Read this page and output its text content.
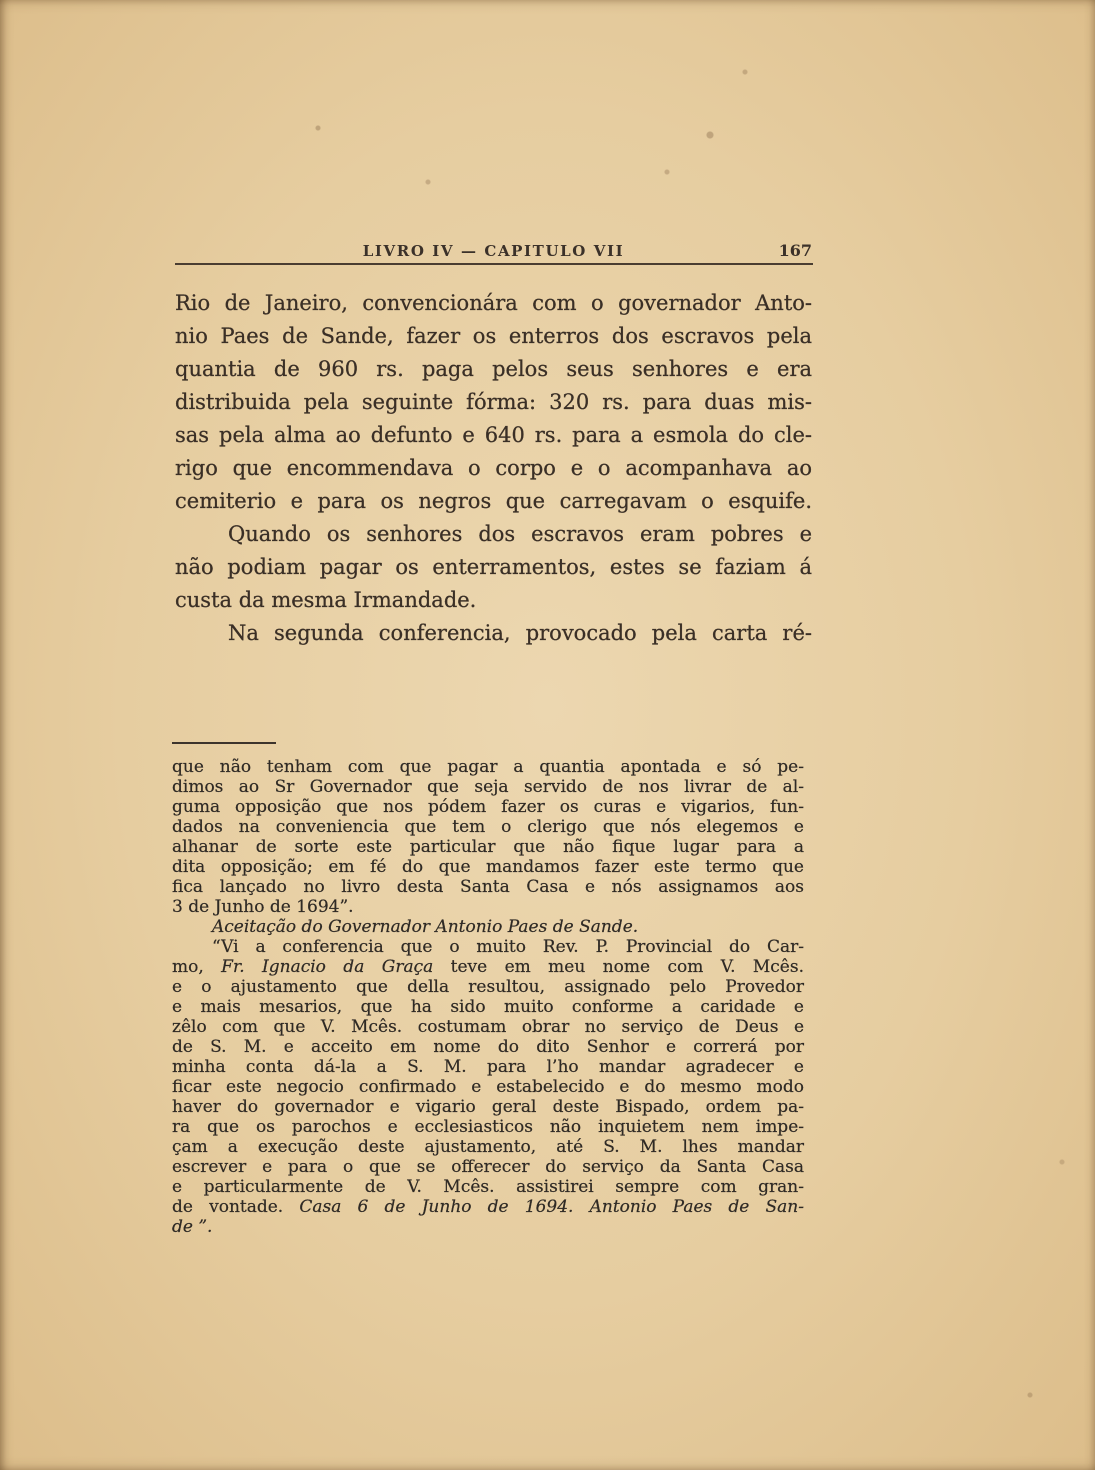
LIVRO IV — CAPITULO VII	167
Rio de Janeiro, convencionára com o governador Anto-
nio Paes de Sande, fazer os enterros dos escravos pela
quantia de 960 rs. paga pelos seus senhores e era
distribuida pela seguinte fórma: 320 rs. para duas mis-
sas pela alma ao defunto e 640 rs. para a esmola do cle-
rigo que encommendava o corpo e o acompanhava ao
cemiterio e para os negros que carregavam o esquife.
Quando os senhores dos escravos eram pobres e
não podiam pagar os enterramentos, estes se faziam á
custa da mesma Irmandade.
Na segunda conferencia, provocado pela carta ré-
que não tenham com que pagar a quantia apontada e só pe-
dimos ao Sr Governador que seja servido de nos livrar de al-
guma opposição que nos pódem fazer os curas e vigarios, fun-
dados na conveniencia que tem o clerigo que nós elegemos e
alhanar de sorte este particular que não fique lugar para a
dita opposição; em fé do que mandamos fazer este termo que
fica lançado no livro desta Santa Casa e nós assignamos aos
3 de Junho de 1694”.
Aceitação do Governador Antonio Paes de Sande.
“Vi a conferencia que o muito Rev. P. Provincial do Car-
mo, Fr. Ignacio da Graça teve em meu nome com V. Mcês.
e o ajustamento que della resultou, assignado pelo Provedor
e mais mesarios, que ha sido muito conforme a caridade e
zêlo com que V. Mcês. costumam obrar no serviço de Deus e
de S. M. e acceito em nome do dito Senhor e correrá por
minha conta dá-la a S. M. para l’ho mandar agradecer e
ficar este negocio confirmado e estabelecido e do mesmo modo
haver do governador e vigario geral deste Bispado, ordem pa-
ra que os parochos e ecclesiasticos não inquietem nem impe-
çam a execução deste ajustamento, até S. M. lhes mandar
escrever e para o que se offerecer do serviço da Santa Casa
e particularmente de V. Mcês. assistirei sempre com gran-
de vontade. Casa 6 de Junho de 1694. Antonio Paes de San-
de ”.
